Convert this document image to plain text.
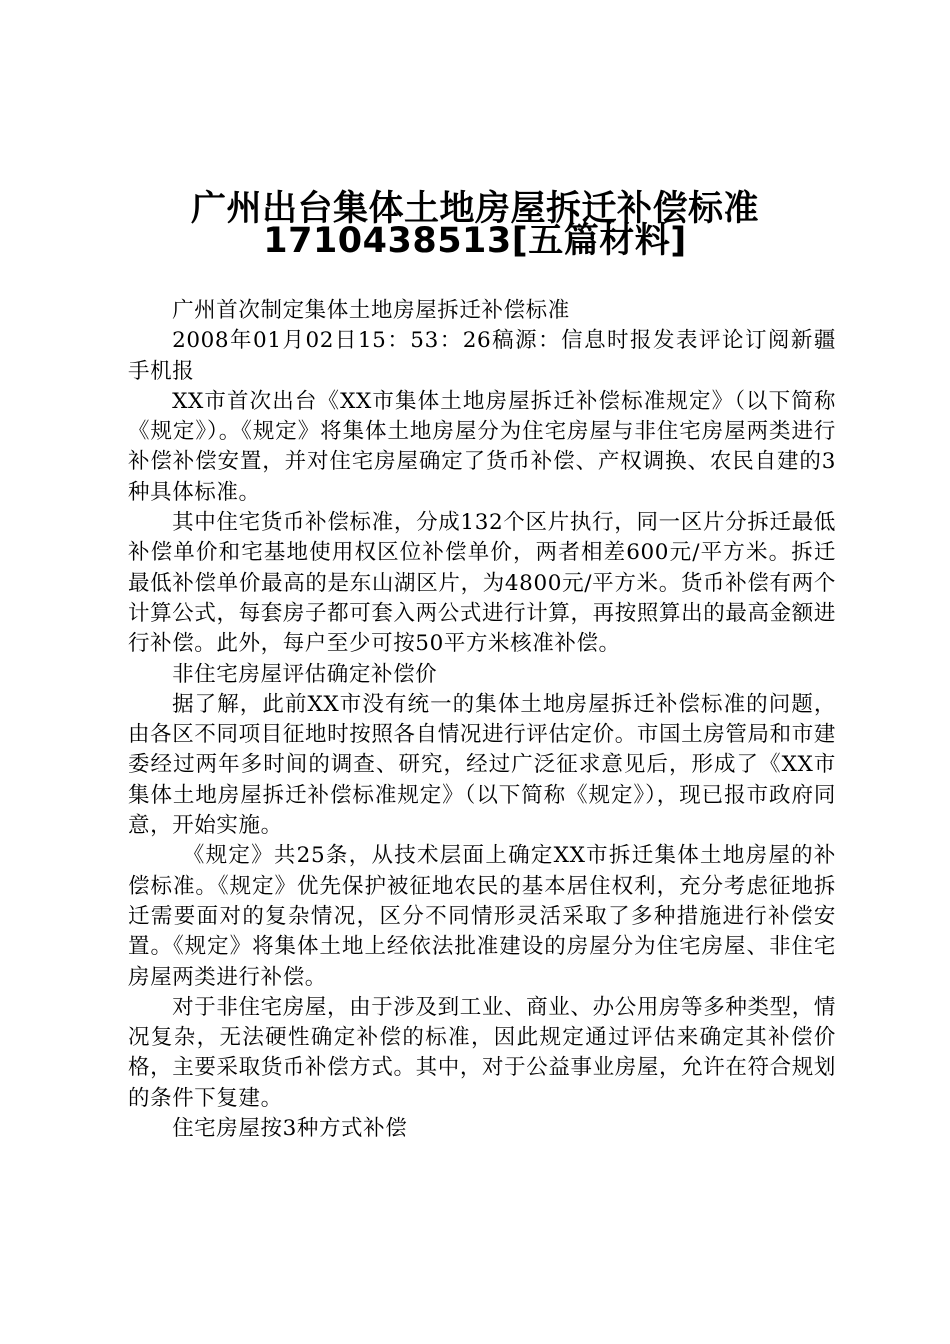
广州出台集体土地房屋拆迁补偿标准
1710438513[五篇材料]

广州首次制定集体土地房屋拆迁补偿标准

2008年01月02日15：53：26稿源：信息时报发表评论订阅新疆手机报

XX市首次出台《XX市集体土地房屋拆迁补偿标准规定》（以下简称《规定》）。《规定》将集体土地房屋分为住宅房屋与非住宅房屋两类进行补偿补偿安置，并对住宅房屋确定了货币补偿、产权调换、农民自建的3种具体标准。

其中住宅货币补偿标准，分成132个区片执行，同一区片分拆迁最低补偿单价和宅基地使用权区位补偿单价，两者相差600元/平方米。拆迁最低补偿单价最高的是东山湖区片，为4800元/平方米。货币补偿有两个计算公式，每套房子都可套入两公式进行计算，再按照算出的最高金额进行补偿。此外，每户至少可按50平方米核准补偿。

非住宅房屋评估确定补偿价

据了解，此前XX市没有统一的集体土地房屋拆迁补偿标准的问题，由各区不同项目征地时按照各自情况进行评估定价。市国土房管局和市建委经过两年多时间的调查、研究，经过广泛征求意见后，形成了《XX市集体土地房屋拆迁补偿标准规定》（以下简称《规定》），现已报市政府同意，开始实施。

《规定》共25条，从技术层面上确定XX市拆迁集体土地房屋的补偿标准。《规定》优先保护被征地农民的基本居住权利，充分考虑征地拆迁需要面对的复杂情况，区分不同情形灵活采取了多种措施进行补偿安置。《规定》将集体土地上经依法批准建设的房屋分为住宅房屋、非住宅房屋两类进行补偿。

对于非住宅房屋，由于涉及到工业、商业、办公用房等多种类型，情况复杂，无法硬性确定补偿的标准，因此规定通过评估来确定其补偿价格，主要采取货币补偿方式。其中，对于公益事业房屋，允许在符合规划的条件下复建。

住宅房屋按3种方式补偿
